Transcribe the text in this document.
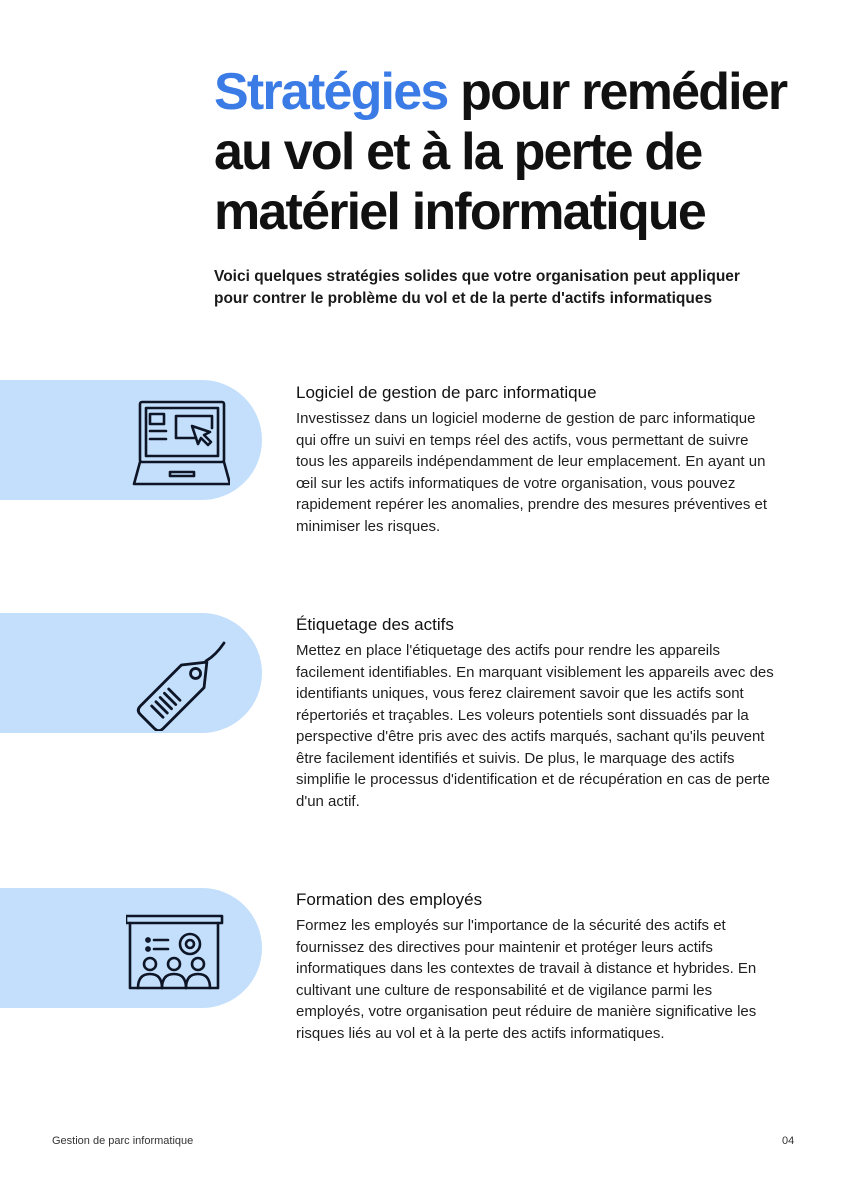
Stratégies pour remédier
au vol et à la perte de
matériel informatique

Voici quelques stratégies solides que votre organisation peut appliquer pour contrer le problème du vol et de la perte d'actifs informatiques

Logiciel de gestion de parc informatique

Investissez dans un logiciel moderne de gestion de parc informatique qui offre un suivi en temps réel des actifs, vous permettant de suivre tous les appareils indépendamment de leur emplacement. En ayant un œil sur les actifs informatiques de votre organisation, vous pouvez rapidement repérer les anomalies, prendre des mesures préventives et minimiser les risques.

Étiquetage des actifs

Mettez en place l'étiquetage des actifs pour rendre les appareils facilement identifiables. En marquant visiblement les appareils avec des identifiants uniques, vous ferez clairement savoir que les actifs sont répertoriés et traçables. Les voleurs potentiels sont dissuadés par la perspective d'être pris avec des actifs marqués, sachant qu'ils peuvent être facilement identifiés et suivis. De plus, le marquage des actifs simplifie le processus d'identification et de récupération en cas de perte d'un actif.

Formation des employés

Formez les employés sur l'importance de la sécurité des actifs et fournissez des directives pour maintenir et protéger leurs actifs informatiques dans les contextes de travail à distance et hybrides. En cultivant une culture de responsabilité et de vigilance parmi les employés, votre organisation peut réduire de manière significative les risques liés au vol et à la perte des actifs informatiques.

Gestion de parc informatique	04
